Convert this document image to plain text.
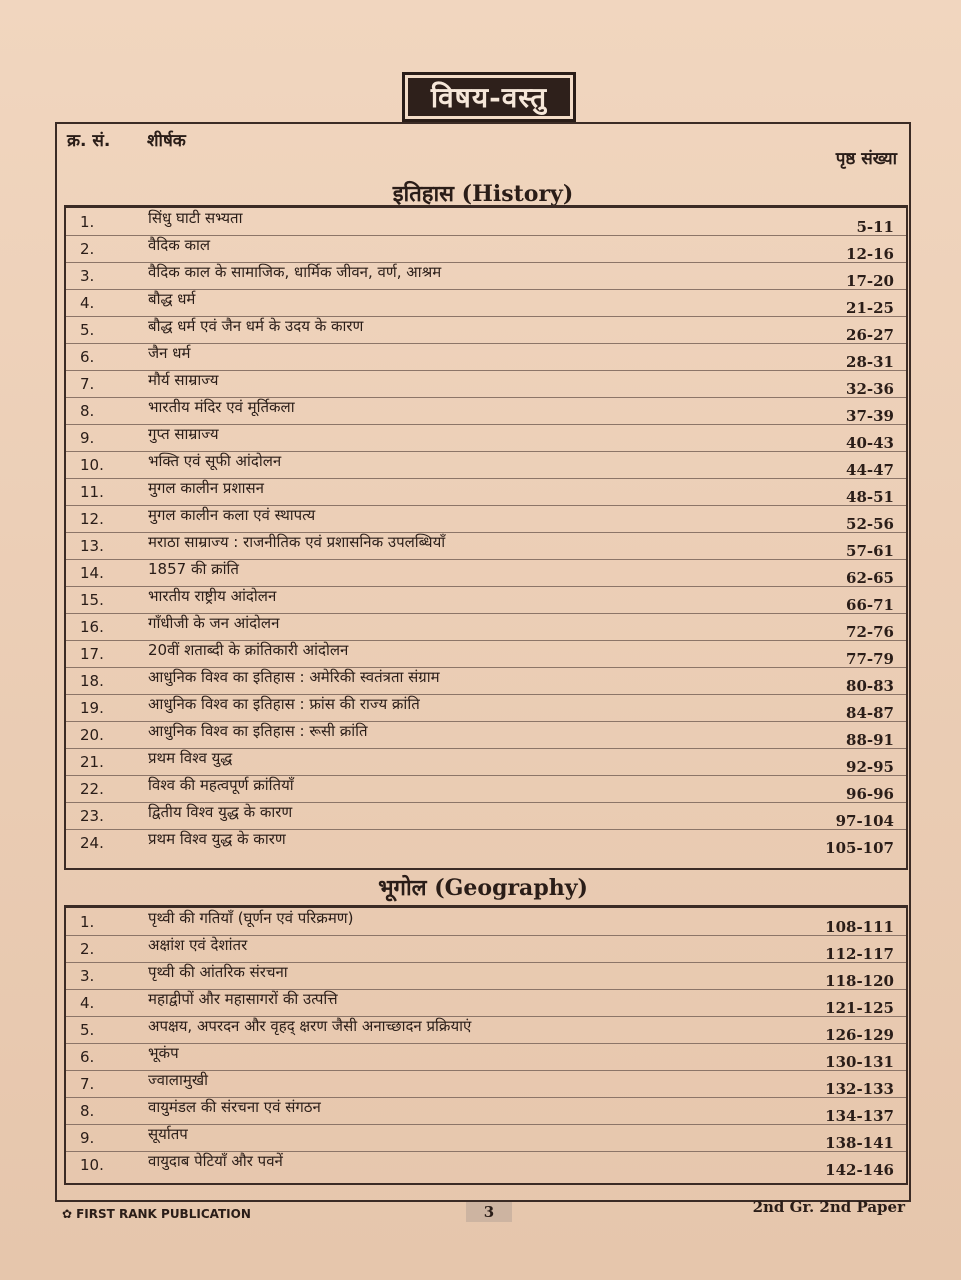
विषय-वस्तु
क्र. सं. शीर्षक
पृष्ठ संख्या
इतिहास (History)
1.	सिंधु घाटी सभ्यता	5-11
2.	वैदिक काल	12-16
3.	वैदिक काल के सामाजिक, धार्मिक जीवन, वर्ण, आश्रम	17-20
4.	बौद्ध धर्म	21-25
5.	बौद्ध धर्म एवं जैन धर्म के उदय के कारण	26-27
6.	जैन धर्म	28-31
7.	मौर्य साम्राज्य	32-36
8.	भारतीय मंदिर एवं मूर्तिकला	37-39
9.	गुप्त साम्राज्य	40-43
10.	भक्ति एवं सूफी आंदोलन	44-47
11.	मुगल कालीन प्रशासन	48-51
12.	मुगल कालीन कला एवं स्थापत्य	52-56
13.	मराठा साम्राज्य : राजनीतिक एवं प्रशासनिक उपलब्धियाँ	57-61
14.	1857 की क्रांति	62-65
15.	भारतीय राष्ट्रीय आंदोलन	66-71
16.	गाँधीजी के जन आंदोलन	72-76
17.	20वीं शताब्दी के क्रांतिकारी आंदोलन	77-79
18.	आधुनिक विश्व का इतिहास : अमेरिकी स्वतंत्रता संग्राम	80-83
19.	आधुनिक विश्व का इतिहास : फ्रांस की राज्य क्रांति	84-87
20.	आधुनिक विश्व का इतिहास : रूसी क्रांति	88-91
21.	प्रथम विश्व युद्ध	92-95
22.	विश्व की महत्वपूर्ण क्रांतियाँ	96-96
23.	द्वितीय विश्व युद्ध के कारण	97-104
24.	प्रथम विश्व युद्ध के कारण	105-107
भूगोल (Geography)
1.	पृथ्वी की गतियाँ (घूर्णन एवं परिक्रमण)	108-111
2.	अक्षांश एवं देशांतर	112-117
3.	पृथ्वी की आंतरिक संरचना	118-120
4.	महाद्वीपों और महासागरों की उत्पत्ति	121-125
5.	अपक्षय, अपरदन और वृहद् क्षरण जैसी अनाच्छादन प्रक्रियाएं	126-129
6.	भूकंप	130-131
7.	ज्वालामुखी	132-133
8.	वायुमंडल की संरचना एवं संगठन	134-137
9.	सूर्यातप	138-141
10.	वायुदाब पेटियाँ और पवनें	142-146
✿ FIRST RANK PUBLICATION	3	2nd Gr. 2nd Paper
